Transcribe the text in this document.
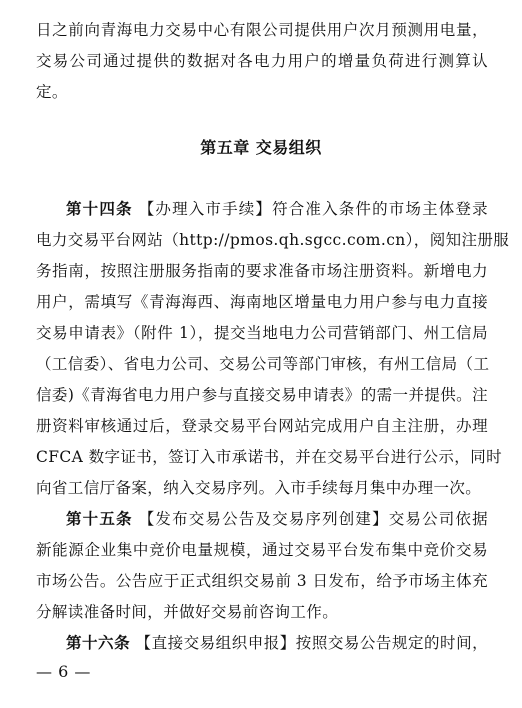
日之前向青海电力交易中心有限公司提供用户次月预测用电量，
交易公司通过提供的数据对各电力用户的增量负荷进行测算认
定。
第五章 交易组织
第十四条 【办理入市手续】符合准入条件的市场主体登录
电力交易平台网站（http://pmos.qh.sgcc.com.cn），阅知注册服
务指南，按照注册服务指南的要求准备市场注册资料。新增电力
用户，需填写《青海海西、海南地区增量电力用户参与电力直接
交易申请表》（附件 1），提交当地电力公司营销部门、州工信局
（工信委）、省电力公司、交易公司等部门审核，有州工信局（工
信委)《青海省电力用户参与直接交易申请表》的需一并提供。注
册资料审核通过后，登录交易平台网站完成用户自主注册，办理
CFCA 数字证书，签订入市承诺书，并在交易平台进行公示，同时
向省工信厅备案，纳入交易序列。入市手续每月集中办理一次。
第十五条 【发布交易公告及交易序列创建】交易公司依据
新能源企业集中竞价电量规模，通过交易平台发布集中竞价交易
市场公告。公告应于正式组织交易前 3 日发布，给予市场主体充
分解读准备时间，并做好交易前咨询工作。
第十六条 【直接交易组织申报】按照交易公告规定的时间，
— 6 —
